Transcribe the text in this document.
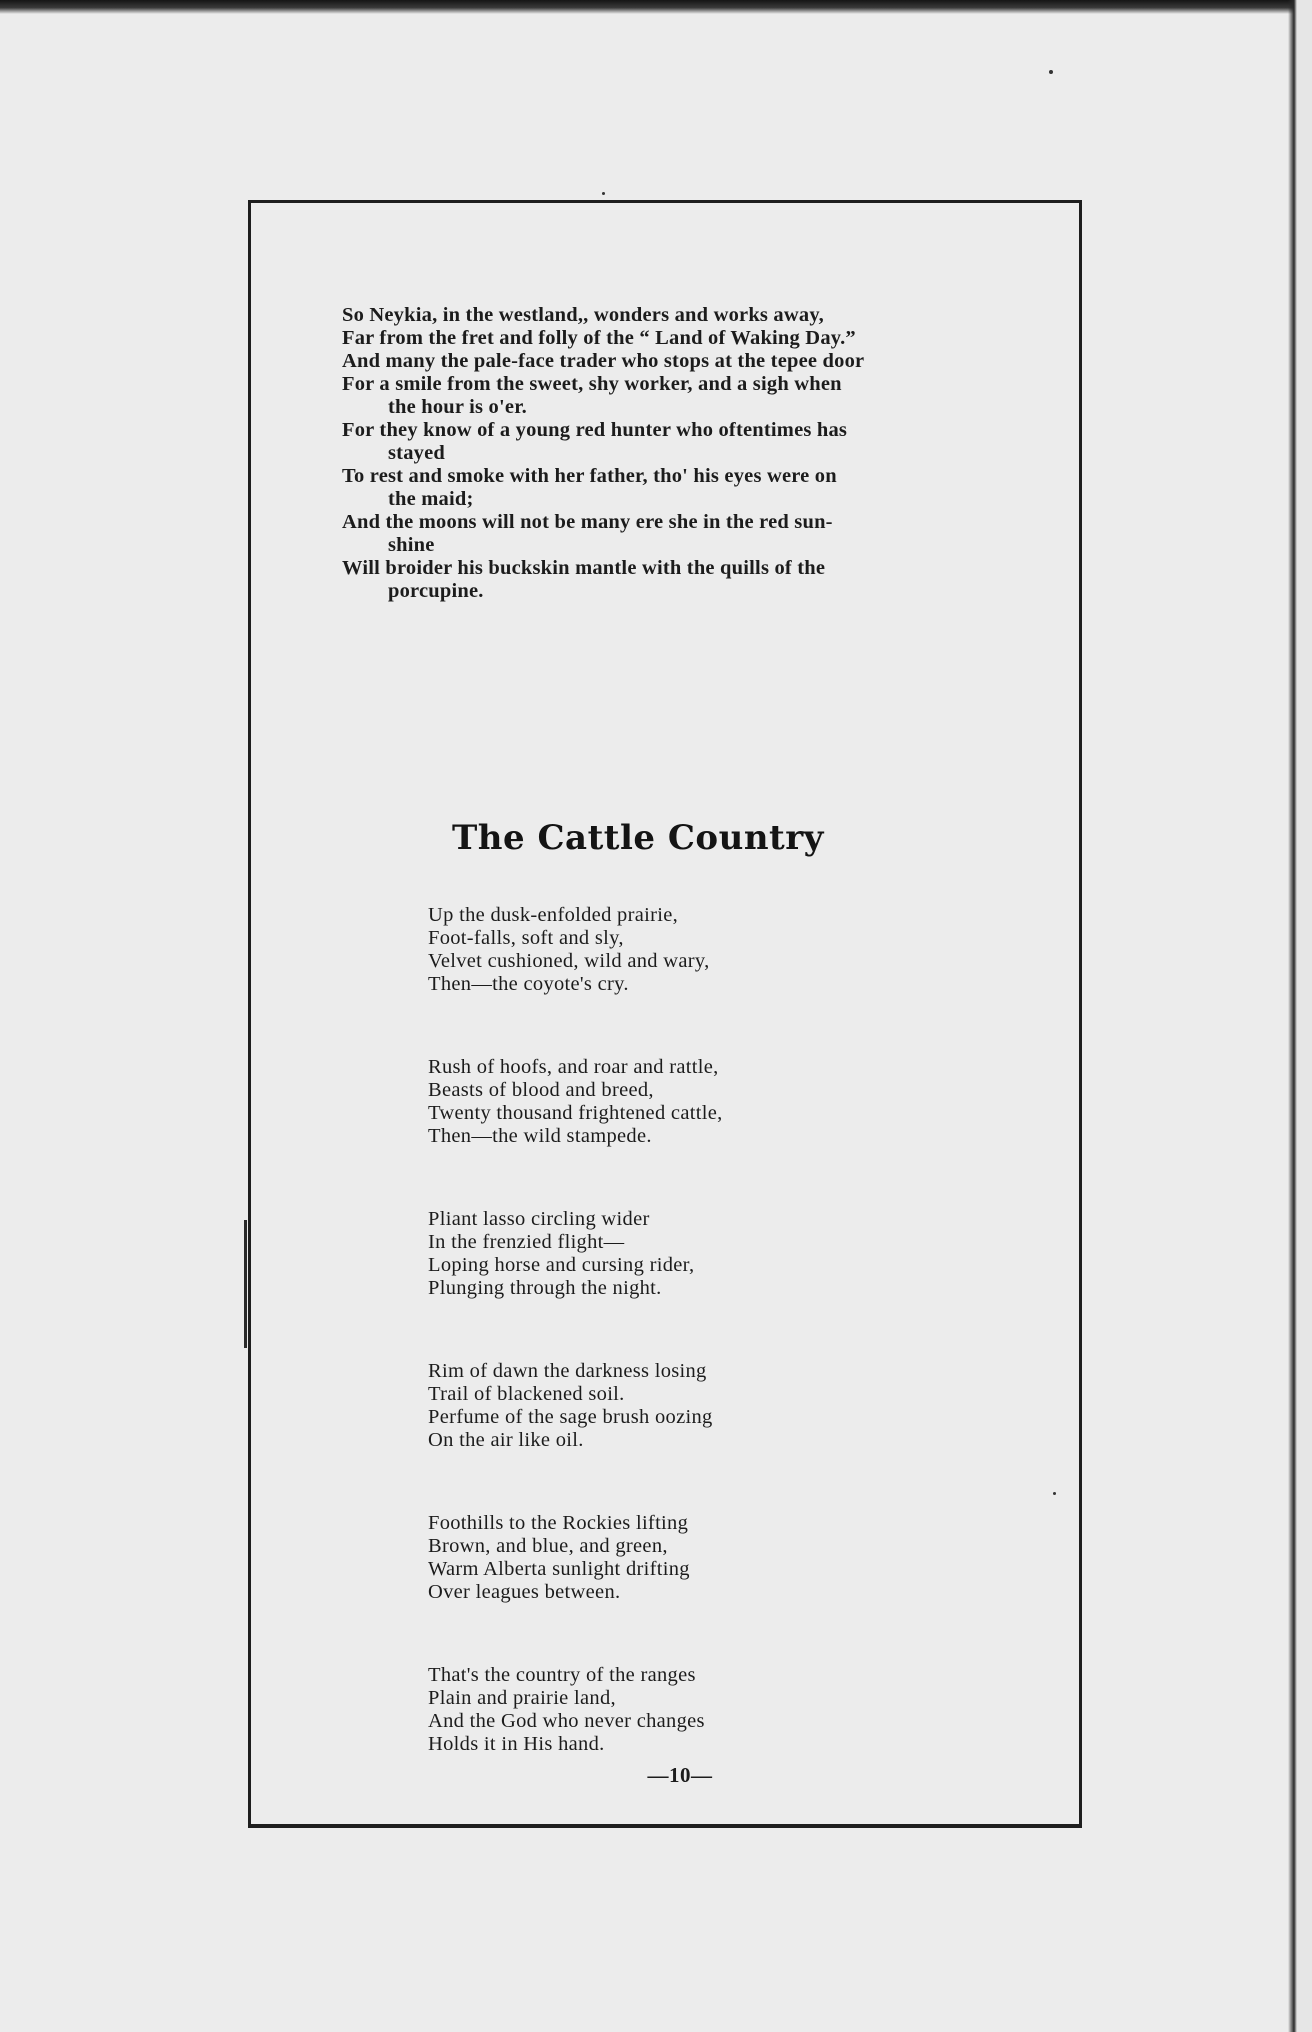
So Neykia, in the westland,, wonders and works away,
Far from the fret and folly of the “ Land of Waking Day.”
And many the pale-face trader who stops at the tepee door
For a smile from the sweet, shy worker, and a sigh when
the hour is o'er.
For they know of a young red hunter who oftentimes has
stayed
To rest and smoke with her father, tho' his eyes were on
the maid;
And the moons will not be many ere she in the red sun-
shine
Will broider his buckskin mantle with the quills of the
porcupine.
The Cattle Country
Up the dusk-enfolded prairie,
Foot-falls, soft and sly,
Velvet cushioned, wild and wary,
Then—the coyote's cry.
Rush of hoofs, and roar and rattle,
Beasts of blood and breed,
Twenty thousand frightened cattle,
Then—the wild stampede.
Pliant lasso circling wider
In the frenzied flight—
Loping horse and cursing rider,
Plunging through the night.
Rim of dawn the darkness losing
Trail of blackened soil.
Perfume of the sage brush oozing
On the air like oil.
Foothills to the Rockies lifting
Brown, and blue, and green,
Warm Alberta sunlight drifting
Over leagues between.
That's the country of the ranges
Plain and prairie land,
And the God who never changes
Holds it in His hand.
—10—
